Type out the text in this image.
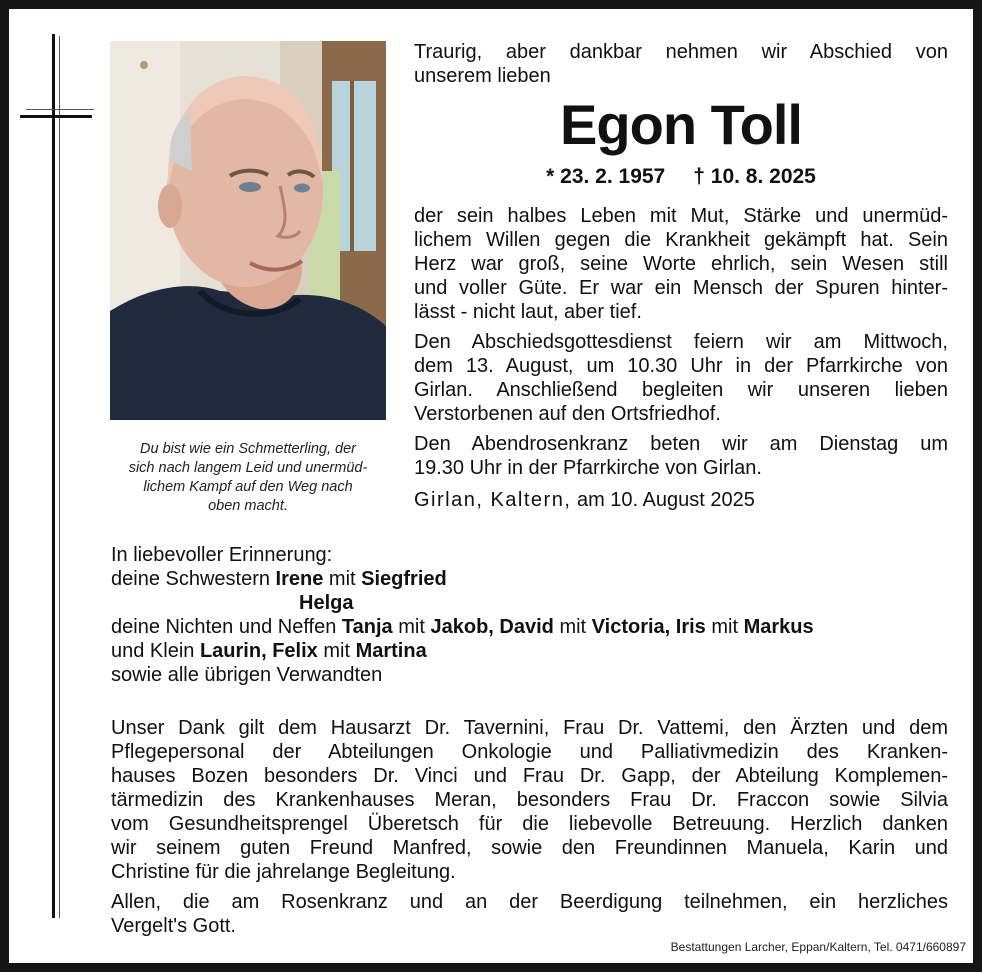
Du bist wie ein Schmetterling, der
sich nach langem Leid und unermüd-
lichem Kampf auf den Weg nach
oben macht.
Traurig, aber dankbar nehmen wir Abschied von
unserem lieben
Egon Toll
* 23. 2. 1957 † 10. 8. 2025

der sein halbes Leben mit Mut, Stärke und unermüd-
lichem Willen gegen die Krankheit gekämpft hat. Sein
Herz war groß, seine Worte ehrlich, sein Wesen still
und voller Güte. Er war ein Mensch der Spuren hinter-
lässt - nicht laut, aber tief.

Den Abschiedsgottesdienst feiern wir am Mittwoch,
dem 13. August, um 10.30 Uhr in der Pfarrkirche von
Girlan. Anschließend begleiten wir unseren lieben
Verstorbenen auf den Ortsfriedhof.

Den Abendrosenkranz beten wir am Dienstag um
19.30 Uhr in der Pfarrkirche von Girlan.

Girlan, Kaltern, am 10. August 2025
In liebevoller Erinnerung:
deine Schwestern Irene mit Siegfried
Helga
deine Nichten und Neffen Tanja mit Jakob, David mit Victoria, Iris mit Markus
und Klein Laurin, Felix mit Martina
sowie alle übrigen Verwandten

Unser Dank gilt dem Hausarzt Dr. Tavernini, Frau Dr. Vattemi, den Ärzten und dem
Pflegepersonal der Abteilungen Onkologie und Palliativmedizin des Kranken-
hauses Bozen besonders Dr. Vinci und Frau Dr. Gapp, der Abteilung Komplemen-
tärmedizin des Krankenhauses Meran, besonders Frau Dr. Fraccon sowie Silvia
vom Gesundheitsprengel Überetsch für die liebevolle Betreuung. Herzlich danken
wir seinem guten Freund Manfred, sowie den Freundinnen Manuela, Karin und
Christine für die jahrelange Begleitung.

Allen, die am Rosenkranz und an der Beerdigung teilnehmen, ein herzliches
Vergelt's Gott.

Bestattungen Larcher, Eppan/Kaltern, Tel. 0471/660897
